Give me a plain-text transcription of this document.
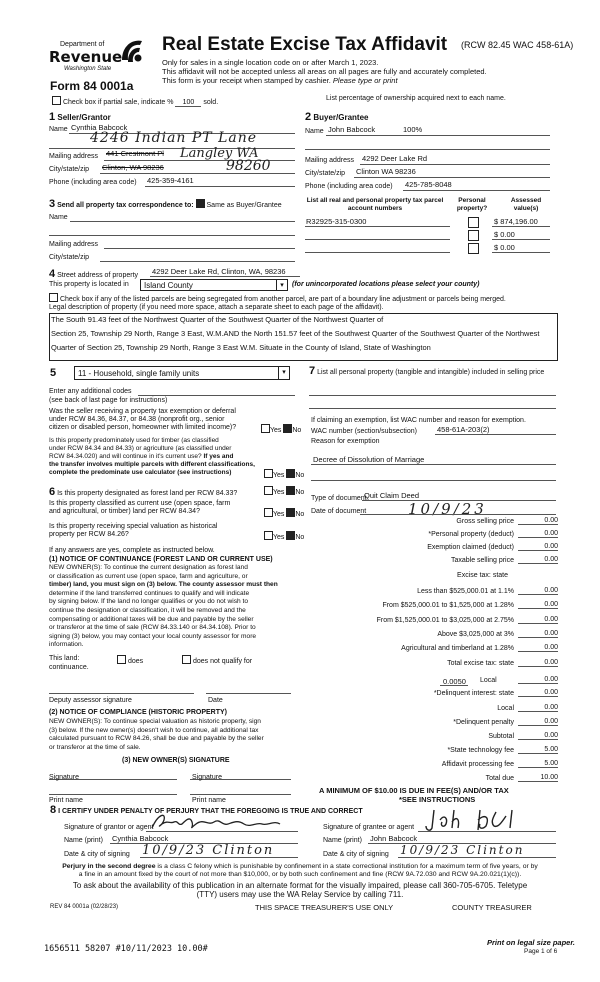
Department of
Revenue
Washington State
Form 84 0001a
Real Estate Excise Tax Affidavit (RCW 82.45 WAC 458-61A)
Only for sales in a single location code on or after March 1, 2023.
This affidavit will not be accepted unless all areas on all pages are fully and accurately completed.
This form is your receipt when stamped by cashier. Please type or print
Check box if partial sale, indicate % 100 sold.
List percentage of ownership acquired next to each name.
1 Seller/Grantor
Name Cynthia Babcock
4246 Indian PT Lane
Mailing address 441 Crestmont Pl Langley WA
City/state/zip Clinton, WA 98236	98260
Phone (including area code) 425-359-4161
2 Buyer/Grantee
Name John Babcock	100%
Mailing address 4292 Deer Lake Rd
City/state/zip Clinton WA 98236
Phone (including area code) 425-785-8048
3 Send all property tax correspondence to: Same as Buyer/Grantee
Name
Mailing address
City/state/zip
List all real and personal property tax parcel account numbers
Personal property?
Assessed value(s)
R32925-315-0300	$ 874,196.00
$ 0.00
$ 0.00
4 Street address of property 4292 Deer Lake Rd, Clinton, WA, 98236
This property is located in	Island County	▾	(for unincorporated locations please select your county)
Check box if any of the listed parcels are being segregated from another parcel, are part of a boundary line adjustment or parcels being merged.
Legal description of property (if you need more space, attach a separate sheet to each page of the affidavit).
The South 91.43 feet of the Northwest Quarter of the Southwest Quarter of the Northwest Quarter of
Section 25, Township 29 North, Range 3 East, W.M.AND the North 151.57 feet of the Southwest Quarter of the Southwest Quarter of the Northwest
Quarter of Section 25, Township 29 North, Range 3 East W.M. Situate in the County of Island, State of Washington
5	11 - Household, single family units	▾
Enter any additional codes
(see back of last page for instructions)
Was the seller receiving a property tax exemption or deferral
under RCW 84.36, 84.37, or 84.38 (nonprofit org., senior
citizen or disabled person, homeowner with limited income)?	Yes No
Is this property predominately used for timber (as classified
under RCW 84.34 and 84.33) or agriculture (as classified under
RCW 84.34.020) and will continue in it's current use? If yes and
the transfer involves multiple parcels with different classifications,
complete the predominate use calculator (see instructions)	Yes No
6 Is this property designated as forest land per RCW 84.33?	Yes No
Is this property classified as current use (open space, farm
and agricultural, or timber) land per RCW 84.34?	Yes No
Is this property receiving special valuation as historical
property per RCW 84.26?	Yes No
If any answers are yes, complete as instructed below.
(1) NOTICE OF CONTINUANCE (FOREST LAND OR CURRENT USE)
NEW OWNER(S): To continue the current designation as forest land
or classification as current use (open space, farm and agriculture, or
timber) land, you must sign on (3) below. The county assessor must then
determine if the land transferred continues to qualify and will indicate
by signing below. If the land no longer qualifies or you do not wish to
continue the designation or classification, it will be removed and the
compensating or additional taxes will be due and payable by the seller
or transferor at the time of sale (RCW 84.33.140 or 84.34.108). Prior to
signing (3) below, you may contact your local county assessor for more
information.
This land:	does	does not qualify for
continuance.
Deputy assessor signature	Date
(2) NOTICE OF COMPLIANCE (HISTORIC PROPERTY)
NEW OWNER(S): To continue special valuation as historic property, sign
(3) below. If the new owner(s) doesn't wish to continue, all additional tax
calculated pursuant to RCW 84.26, shall be due and payable by the seller
or transferor at the time of sale.
(3) NEW OWNER(S) SIGNATURE
Signature	Signature
Print name	Print name
7 List all personal property (tangible and intangible) included in selling price
If claiming an exemption, list WAC number and reason for exemption.
WAC number (section/subsection)	458-61A-203(2)
Reason for exemption
Decree of Dissolution of Marriage
Type of document
Quit Claim Deed
Date of document	10/9/23
Gross selling price	0.00
*Personal property (deduct)	0.00
Exemption claimed (deduct)	0.00
Taxable selling price	0.00
Excise tax: state
Less than $525,000.01 at 1.1%	0.00
From $525,000.01 to $1,525,000 at 1.28%	0.00
From $1,525,000.01 to $3,025,000 at 2.75%	0.00
Above $3,025,000 at 3%	0.00
Agricultural and timberland at 1.28%	0.00
Total excise tax: state	0.00
*Delinquent interest: state	0.00
Local	0.00
*Delinquent penalty	0.00
Subtotal	0.00
*State technology fee	5.00
Affidavit processing fee	5.00
Total due	10.00
0.0050 Local	0.00
A MINIMUM OF $10.00 IS DUE IN FEE(S) AND/OR TAX
*SEE INSTRUCTIONS
8 I CERTIFY UNDER PENALTY OF PERJURY THAT THE FOREGOING IS TRUE AND CORRECT
Signature of grantor or agent
Name (print) Cynthia Babcock
Date & city of signing 10/9/23 Clinton
Signature of grantee or agent
Name (print) John Babcock
Date & city of signing 10/9/23 Clinton
Perjury in the second degree is a class C felony which is punishable by confinement in a state correctional institution for a maximum term of five years, or by
a fine in an amount fixed by the court of not more than $10,000, or by both such confinement and fine (RCW 9A.72.030 and RCW 9A.20.021(1)(c)).
To ask about the availability of this publication in an alternate format for the visually impaired, please call 360-705-6705. Teletype
(TTY) users may use the WA Relay Service by calling 711.
REV 84 0001a (02/28/23)	THIS SPACE TREASURER'S USE ONLY	COUNTY TREASURER
1656511 58207 #10/11/2023 10.00#
Print on legal size paper.
Page 1 of 6
